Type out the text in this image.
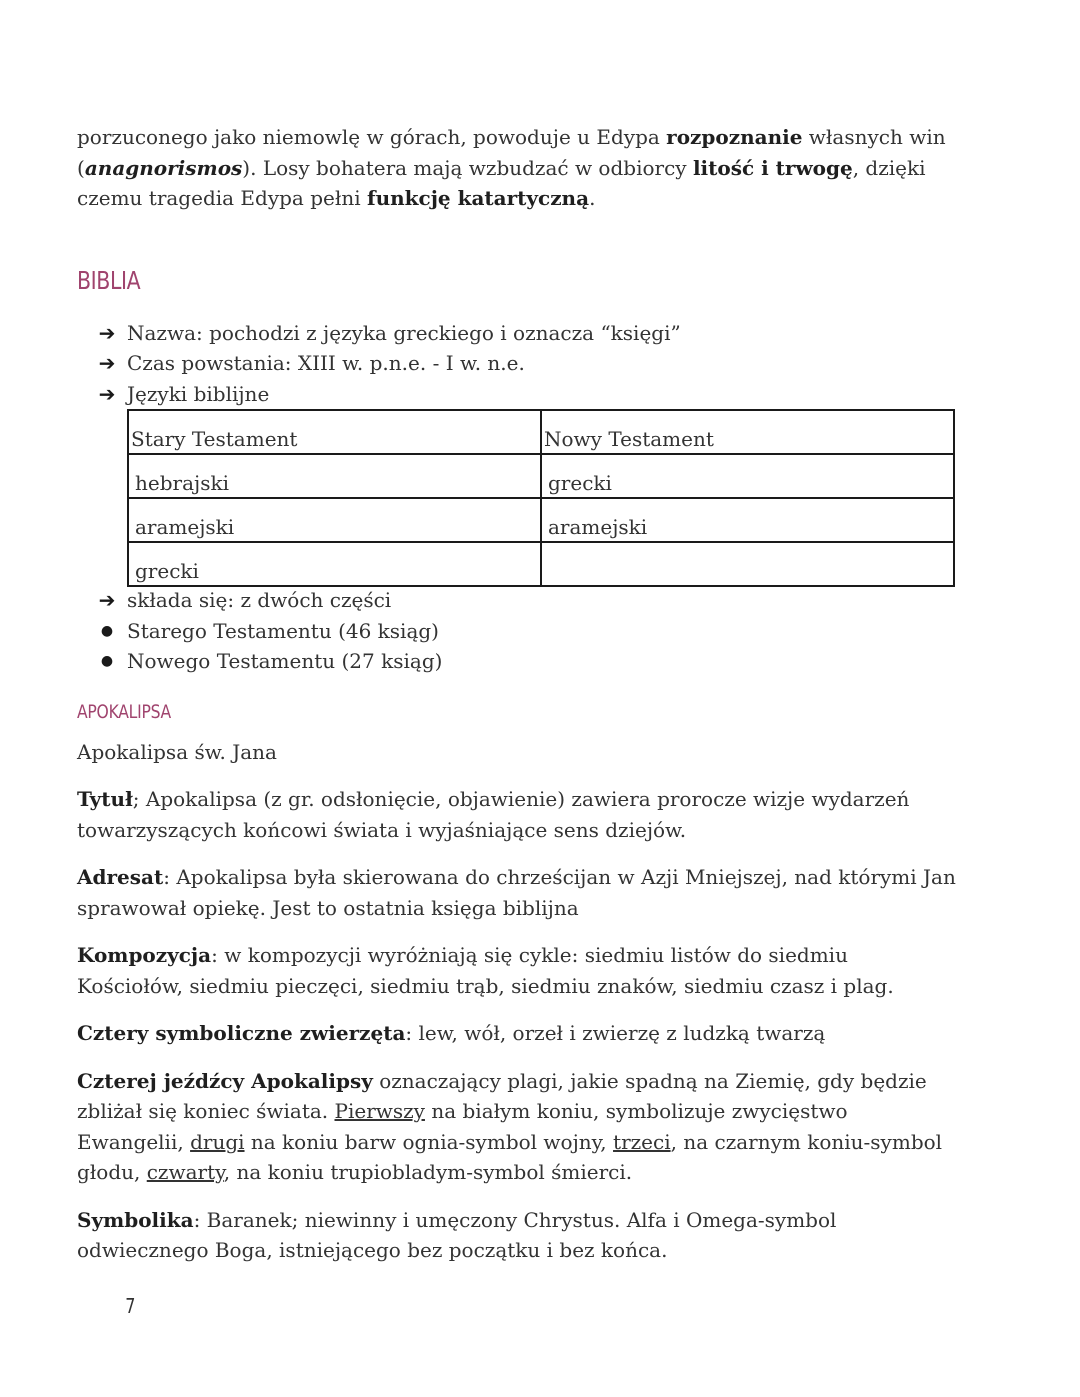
porzuconego jako niemowlę w górach, powoduje u Edypa rozpoznanie własnych win (anagnorismos). Losy bohatera mają wzbudzać w odbiorcy litość i trwogę, dzięki czemu tragedia Edypa pełni funkcję katartyczną.

BIBLIA
➔ Nazwa: pochodzi z języka greckiego i oznacza “księgi”
➔ Czas powstania: XIII w. p.n.e. - I w. n.e.
➔ Języki biblijne
Stary Testament	Nowy Testament
hebrajski	grecki
aramejski	aramejski
grecki	
➔ składa się: z dwóch części
● Starego Testamentu (46 ksiąg)
● Nowego Testamentu (27 ksiąg)
APOKALIPSA

Apokalipsa św. Jana

Tytuł; Apokalipsa (z gr. odsłonięcie, objawienie) zawiera prorocze wizje wydarzeń towarzyszących końcowi świata i wyjaśniające sens dziejów.

Adresat: Apokalipsa była skierowana do chrześcijan w Azji Mniejszej, nad którymi Jan sprawował opiekę. Jest to ostatnia księga biblijna

Kompozycja: w kompozycji wyróżniają się cykle: siedmiu listów do siedmiu Kościołów, siedmiu pieczęci, siedmiu trąb, siedmiu znaków, siedmiu czasz i plag.

Cztery symboliczne zwierzęta: lew, wół, orzeł i zwierzę z ludzką twarzą

Czterej jeźdźcy Apokalipsy oznaczający plagi, jakie spadną na Ziemię, gdy będzie zbliżał się koniec świata. Pierwszy na białym koniu, symbolizuje zwycięstwo Ewangelii, drugi na koniu barw ognia-symbol wojny, trzeci, na czarnym koniu-symbol głodu, czwarty, na koniu trupiobladym-symbol śmierci.

Symbolika: Baranek; niewinny i umęczony Chrystus. Alfa i Omega-symbol odwiecznego Boga, istniejącego bez początku i bez końca.

7
